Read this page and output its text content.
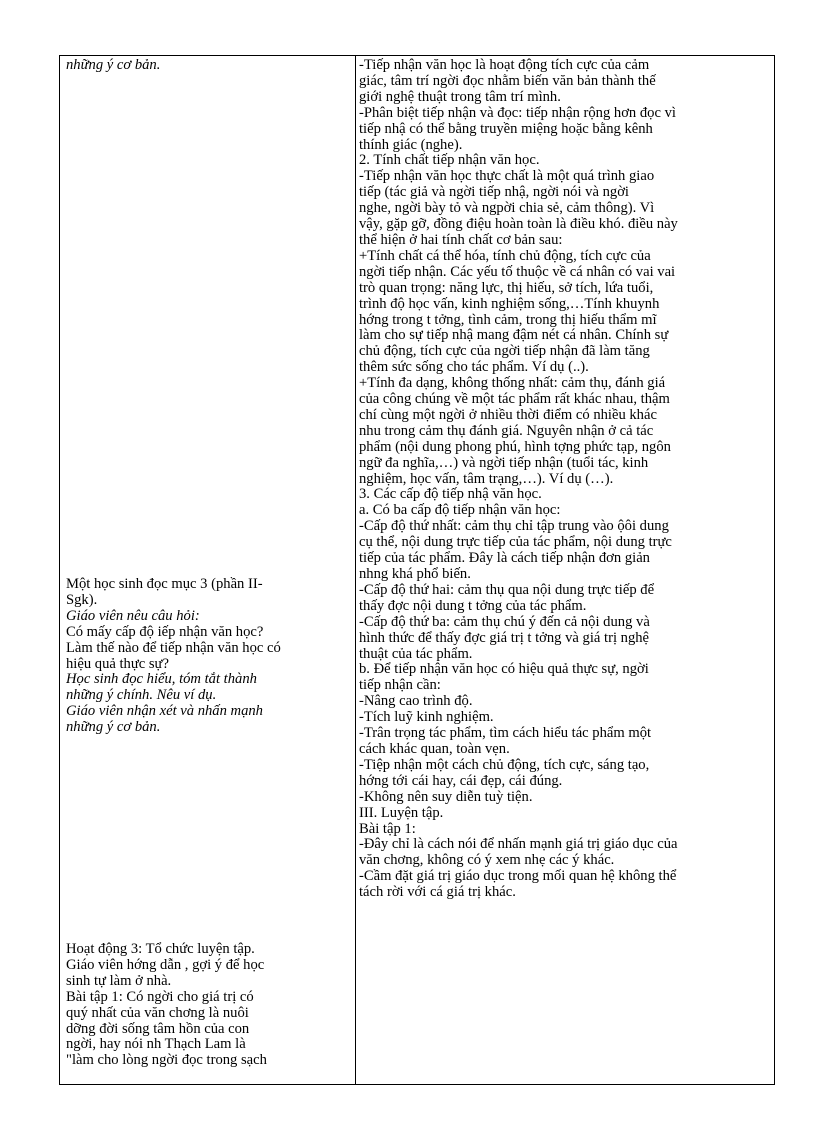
những ý cơ bản.
Một học sinh đọc mục 3 (phần II-
Sgk).
Giáo viên nêu câu hỏi:
Có mấy cấp độ iếp nhận văn học?
Làm thế nào để tiếp nhận văn học có
hiệu quả thực sự?
Học sinh đọc hiểu, tóm tắt thành
những ý chính. Nêu ví dụ.
Giáo viên nhận xét và nhấn mạnh
những ý cơ bản.
Hoạt động 3: Tổ chức luyện tập.
Giáo viên hớng dẫn , gợi ý để học
sinh tự làm ở nhà.
Bài tập 1: Có ngời cho giá trị có
quý nhất của văn chơng là nuôi
dỡng đời sống tâm hồn của con
ngời, hay nói nh Thạch Lam là
"làm cho lòng ngời đọc trong sạch
-Tiếp nhận văn học là hoạt động tích cực của cảm
giác, tâm trí ngời đọc nhằm biến văn bản thành thế
giới nghệ thuật trong tâm trí mình.
-Phân biệt tiếp nhận và đọc: tiếp nhận rộng hơn đọc vì
tiếp nhậ có thể bằng truyền miệng hoặc bằng kênh
thính giác (nghe).
2. Tính chất tiếp nhận văn học.
-Tiếp nhận văn học thực chất là một quá trình giao
tiếp (tác giả và ngời tiếp nhậ, ngời nói và ngời
nghe, ngời bày tỏ và ngpời chia sẻ, cảm thông). Vì
vậy, gặp gỡ, đồng điệu hoàn toàn là điều khó. điều này
thể hiện ở hai tính chất cơ bản sau:
+Tính chất cá thể hóa, tính chủ động, tích cực của
ngời tiếp nhận. Các yếu tố thuộc về cá nhân có vai vai
trò quan trọng: năng lực, thị hiếu, sở tích, lứa tuổi,
trình độ học vấn, kinh nghiệm sống,…Tính khuynh
hớng trong t tởng, tình cảm, trong thị hiếu thẩm mĩ
làm cho sự tiếp nhậ mang đậm nét cá nhân. Chính sự
chủ động, tích cực của ngời tiếp nhận đã làm tăng
thêm sức sống cho tác phẩm. Ví dụ (..).
+Tính đa dạng, không thống nhất: cảm thụ, đánh giá
của công chúng về một tác phẩm rất khác nhau, thậm
chí cùng một ngời ở nhiều thời điểm có nhiều khác
nhu trong cảm thụ đánh giá. Nguyên nhận ở cả tác
phẩm (nội dung phong phú, hình tợng phức tạp, ngôn
ngữ đa nghĩa,…) và ngời tiếp nhận (tuổi tác, kinh
nghiệm, học vấn, tâm trạng,…). Ví dụ (…).
3. Các cấp độ tiếp nhậ văn học.
a. Có ba cấp độ tiếp nhận văn học:
-Cấp độ thứ nhất: cảm thụ chỉ tập trung vào ộôi dung
cụ thể, nội dung trực tiếp của tác phẩm, nội dung trực
tiếp của tác phẩm. Đây là cách tiếp nhận đơn giản
nhng khá phổ biến.
-Cấp độ thứ hai: cảm thụ qua nội dung trực tiếp để
thấy đợc nội dung t tởng của tác phẩm.
-Cấp độ thứ ba: cảm thụ chú ý đến cả nội dung và
hình thức để thấy đợc giá trị t tởng và giá trị nghệ
thuật của tác phẩm.
b. Để tiếp nhận văn học có hiệu quả thực sự, ngời
tiếp nhận cần:
-Nâng cao trình độ.
-Tích luỹ kinh nghiệm.
-Trân trọng tác phẩm, tìm cách hiểu tác phẩm một
cách khác quan, toàn vẹn.
-Tiệp nhận một cách chủ động, tích cực, sáng tạo,
hớng tới cái hay, cái đẹp, cái đúng.
-Không nên suy diễn tuỳ tiện.
III. Luyện tập.
Bài tập 1:
-Đây chỉ là cách nói để nhấn mạnh giá trị giáo dục của
văn chơng, không có ý xem nhẹ các ý khác.
-Cầm đặt giá trị giáo dục trong mối quan hệ không thể
tách rời với cá giá trị khác.
